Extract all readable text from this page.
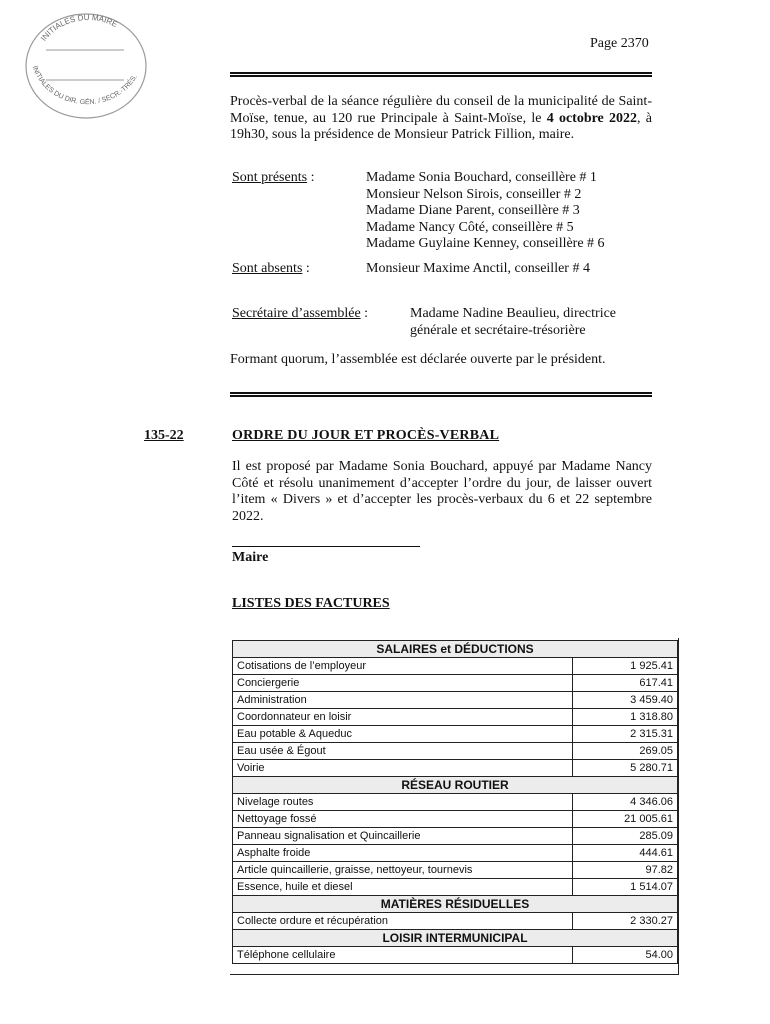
INITIALES DU MAIRE
INITIALES DU DIR. GÉN. / SECR.-TRÉS.
Page 2370
Procès-verbal de la séance régulière du conseil de la municipalité de Saint-Moïse, tenue, au 120 rue Principale à Saint-Moïse, le 4 octobre 2022, à 19h30, sous la présidence de Monsieur Patrick Fillion, maire.
Sont présents :	Madame Sonia Bouchard, conseillère # 1
Monsieur Nelson Sirois, conseiller # 2
Madame Diane Parent, conseillère # 3
Madame Nancy Côté, conseillère # 5
Madame Guylaine Kenney, conseillère # 6
Sont absents :	Monsieur Maxime Anctil, conseiller # 4
Secrétaire d’assemblée :	Madame Nadine Beaulieu, directrice
générale et secrétaire-trésorière
Formant quorum, l’assemblée est déclarée ouverte par le président.
135-22	ORDRE DU JOUR ET PROCÈS-VERBAL
Il est proposé par Madame Sonia Bouchard, appuyé par Madame Nancy Côté et résolu unanimement d’accepter l’ordre du jour, de laisser ouvert l’item « Divers » et d’accepter les procès-verbaux du 6 et 22 septembre 2022.
Maire
LISTES DES FACTURES
SALAIRES et DÉDUCTIONS	
Cotisations de l’employeur	1 925.41
Conciergerie	617.41
Administration	3 459.40
Coordonnateur en loisir	1 318.80
Eau potable & Aqueduc	2 315.31
Eau usée & Égout	269.05
Voirie	5 280.71
RÉSEAU ROUTIER	
Nivelage routes	4 346.06
Nettoyage fossé	21 005.61
Panneau signalisation et Quincaillerie	285.09
Asphalte froide	444.61
Article quincaillerie, graisse, nettoyeur, tournevis	97.82
Essence, huile et diesel	1 514.07
MATIÈRES RÉSIDUELLES	
Collecte ordure et récupération	2 330.27
LOISIR INTERMUNICIPAL	
Téléphone cellulaire	54.00
